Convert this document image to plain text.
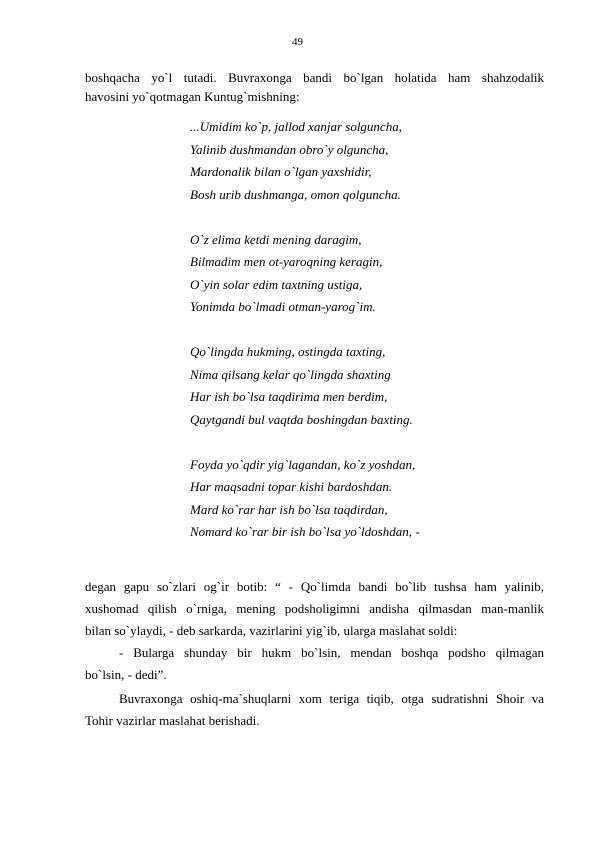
49
boshqacha yo`l tutadi. Buvraxonga bandi bo`lgan holatida ham shahzodalik
havosini yo`qotmagan Kuntug`mishning:
...Umidim ko`p, jallod xanjar solguncha,
Yalinib dushmandan obro`y olguncha,
Mardonalik bilan o`lgan yaxshidir,
Bosh urib dushmanga, omon qolguncha.
O`z elima ketdi mening daragim,
Bilmadim men ot-yaroqning keragin,
O`yin solar edim taxtning ustiga,
Yonimda bo`lmadi otman-yarog`im.
Qo`lingda hukming, ostingda taxting,
Nima qilsang kelar qo`lingda shaxting
Har ish bo`lsa taqdirima men berdim,
Qaytgandi bul vaqtda boshingdan baxting.
Foyda yo`qdir yig`lagandan, ko`z yoshdan,
Har maqsadni topar kishi bardoshdan.
Mard ko`rar har ish bo`lsa taqdirdan,
Nomard ko`rar bir ish bo`lsa yo`ldoshdan, -
degan gapu so`zlari og`ir botib: “ - Qo`limda bandi bo`lib tushsa ham yalinib,
xushomad qilish o`rniga, mening podsholigimni andisha qilmasdan man-manlik
bilan so`ylaydi, - deb sarkarda, vazirlarini yig`ib, ularga maslahat soldi:
- Bularga shunday bir hukm bo`lsin, mendan boshqa podsho qilmagan
bo`lsin, - dedi”.
Buvraxonga oshiq-ma`shuqlarni xom teriga tiqib, otga sudratishni Shoir va
Tohir vazirlar maslahat berishadi.
